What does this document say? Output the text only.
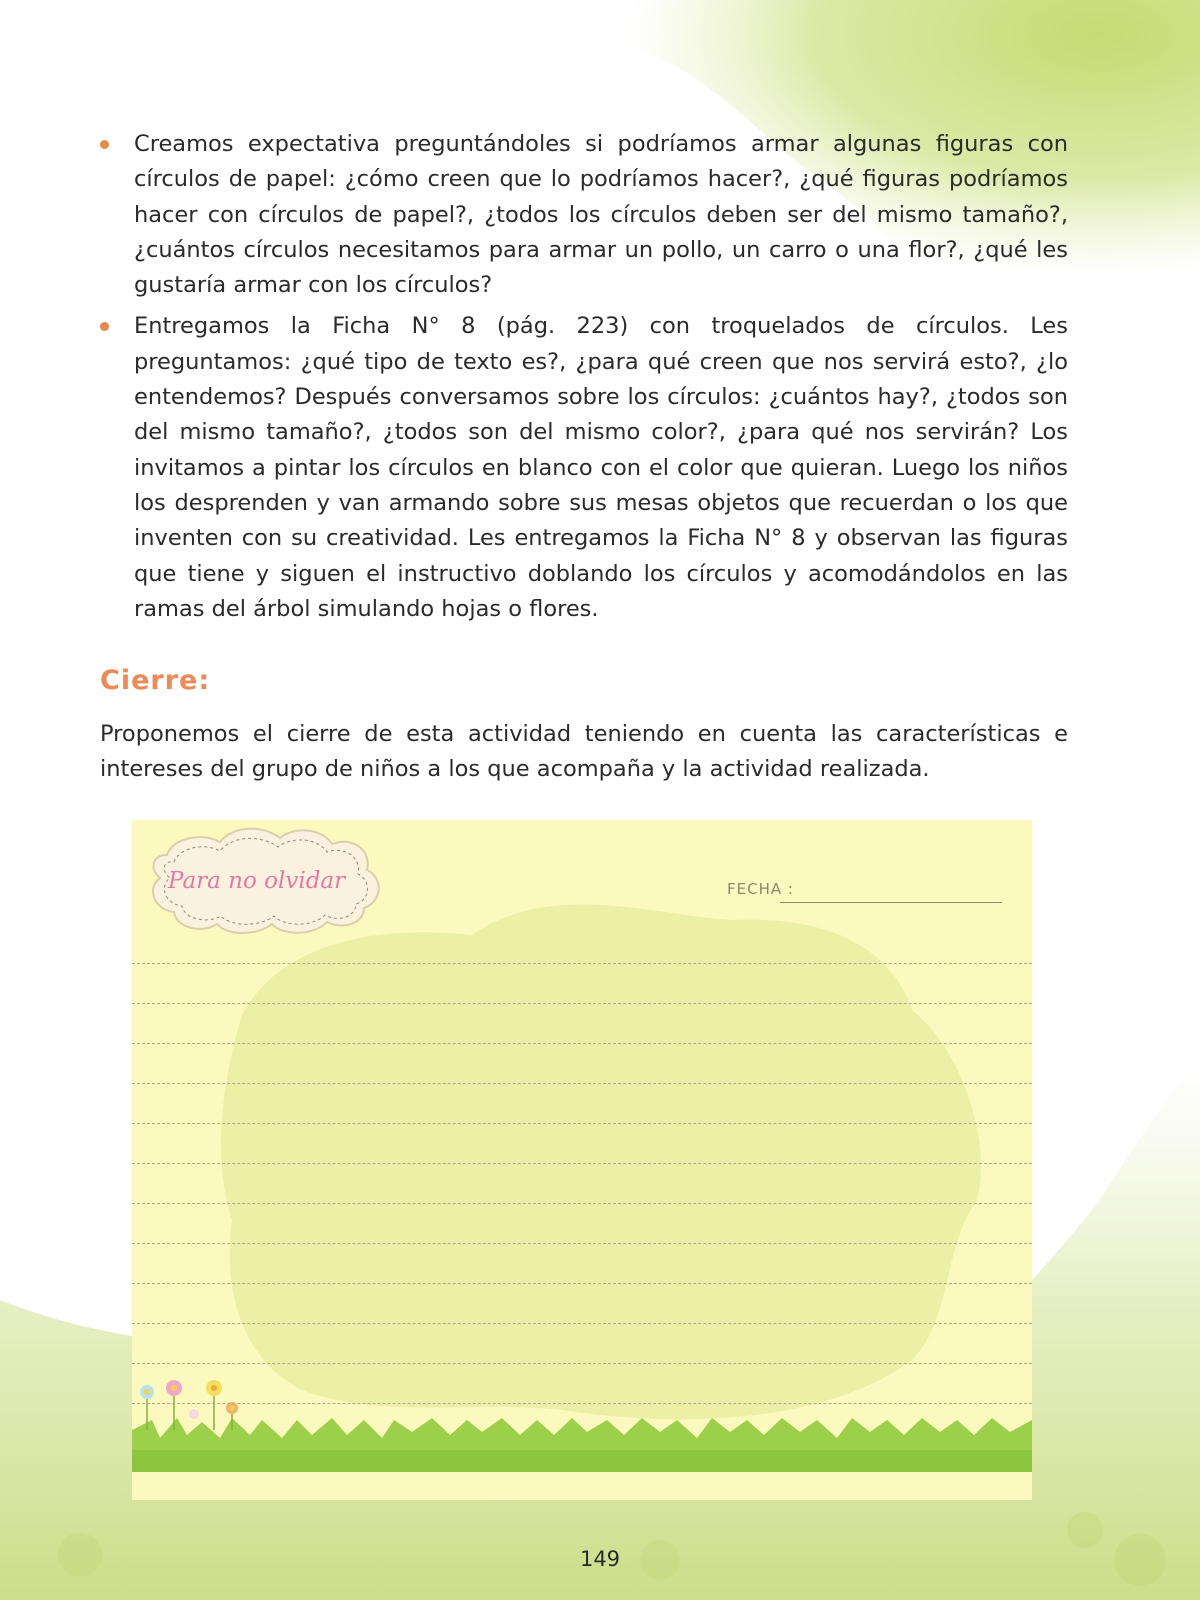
Creamos expectativa preguntándoles si podríamos armar algunas figuras con círculos de papel: ¿cómo creen que lo podríamos hacer?, ¿qué figuras podríamos hacer con círculos de papel?, ¿todos los círculos deben ser del mismo tamaño?, ¿cuántos círculos necesitamos para armar un pollo, un carro o una flor?, ¿qué les gustaría armar con los círculos?
Entregamos la Ficha N° 8 (pág. 223) con troquelados de círculos. Les preguntamos: ¿qué tipo de texto es?, ¿para qué creen que nos servirá esto?, ¿lo entendemos? Después conversamos sobre los círculos: ¿cuántos hay?, ¿todos son del mismo tamaño?, ¿todos son del mismo color?, ¿para qué nos servirán? Los invitamos a pintar los círculos en blanco con el color que quieran. Luego los niños los desprenden y van armando sobre sus mesas objetos que recuerdan o los que inventen con su creatividad. Les entregamos la Ficha N° 8 y observan las figuras que tiene y siguen el instructivo doblando los círculos y acomodándolos en las ramas del árbol simulando hojas o flores.
Cierre:

Proponemos el cierre de esta actividad teniendo en cuenta las características e intereses del grupo de niños a los que acompaña y la actividad realizada.

Para no olvidar	FECHA :
149
